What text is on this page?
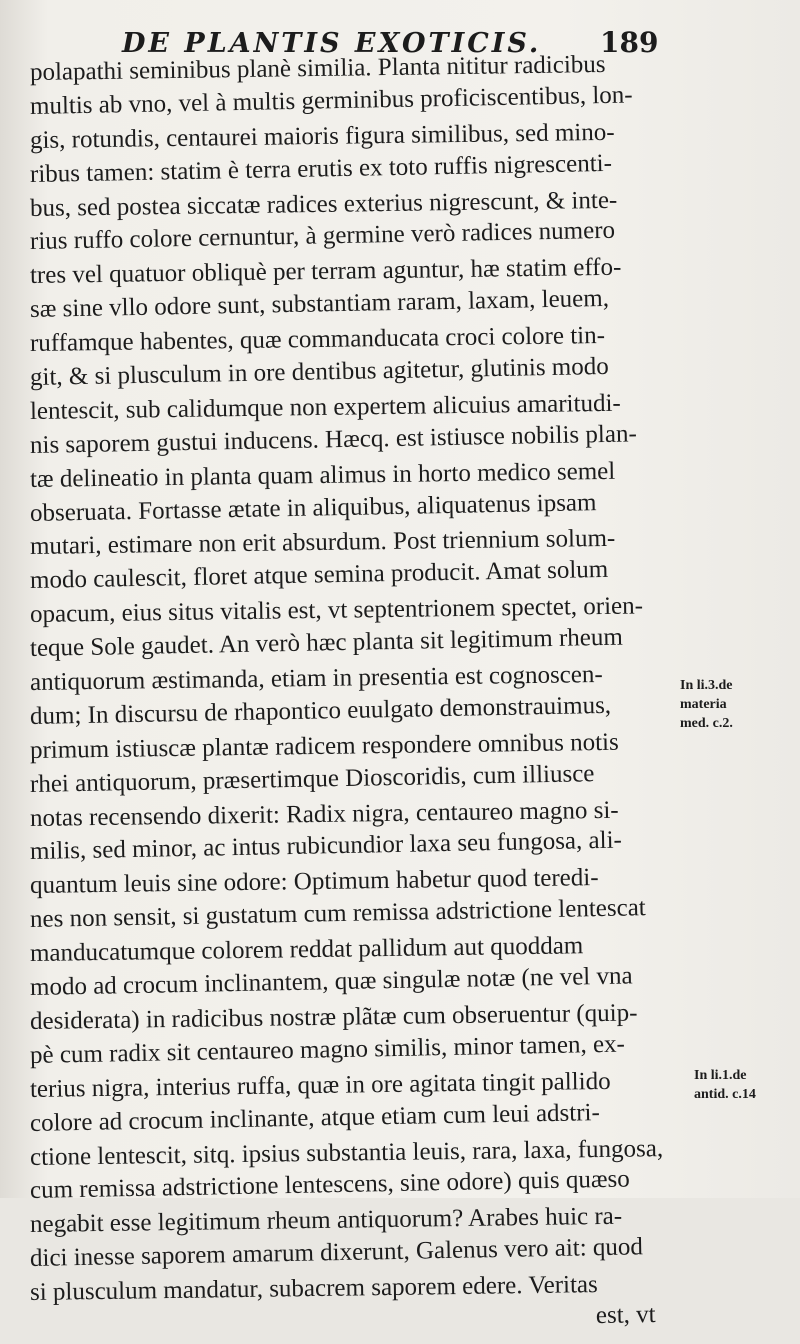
DE PLANTIS EXOTICIS. 189
polapathi seminibus planè similia. Planta nititur radicibus
multis ab vno, vel à multis germinibus proficiscentibus, lon-
gis, rotundis, centaurei maioris figura similibus, sed mino-
ribus tamen: statim è terra erutis ex toto ruffis nigrescenti-
bus, sed postea siccatæ radices exterius nigrescunt, & inte-
rius ruffo colore cernuntur, à germine verò radices numero
tres vel quatuor obliquè per terram aguntur, hæ statim effo-
sæ sine vllo odore sunt, substantiam raram, laxam, leuem,
ruffamque habentes, quæ commanducata croci colore tin-
git, & si plusculum in ore dentibus agitetur, glutinis modo
lentescit, sub calidumque non expertem alicuius amaritudi-
nis saporem gustui inducens. Hæcq. est istiusce nobilis plan-
tæ delineatio in planta quam alimus in horto medico semel
obseruata. Fortasse ætate in aliquibus, aliquatenus ipsam
mutari, estimare non erit absurdum. Post triennium solum-
modo caulescit, floret atque semina producit. Amat solum
opacum, eius situs vitalis est, vt septentrionem spectet, orien-
teque Sole gaudet. An verò hæc planta sit legitimum rheum
antiquorum æstimanda, etiam in presentia est cognoscen-
dum; In discursu de rhapontico euulgato demonstrauimus,
primum istiuscæ plantæ radicem respondere omnibus notis
rhei antiquorum, præsertimque Dioscoridis, cum illiusce
notas recensendo dixerit: Radix nigra, centaureo magno si-
milis, sed minor, ac intus rubicundior laxa seu fungosa, ali-
quantum leuis sine odore: Optimum habetur quod teredi-
nes non sensit, si gustatum cum remissa adstrictione lentescat
manducatumque colorem reddat pallidum aut quoddam
modo ad crocum inclinantem, quæ singulæ notæ (ne vel vna
desiderata) in radicibus nostræ plãtæ cum obseruentur (quip-
pè cum radix sit centaureo magno similis, minor tamen, ex-
terius nigra, interius ruffa, quæ in ore agitata tingit pallido
colore ad crocum inclinante, atque etiam cum leui adstri-
ctione lentescit, sitq. ipsius substantia leuis, rara, laxa, fungosa,
cum remissa adstrictione lentescens, sine odore) quis quæso
negabit esse legitimum rheum antiquorum? Arabes huic ra-
dici inesse saporem amarum dixerunt, Galenus vero ait: quod
si plusculum mandatur, subacrem saporem edere. Veritas
est, vt
In li.3.de
materia
med. c.2.
In li.1.de
antid. c.14
